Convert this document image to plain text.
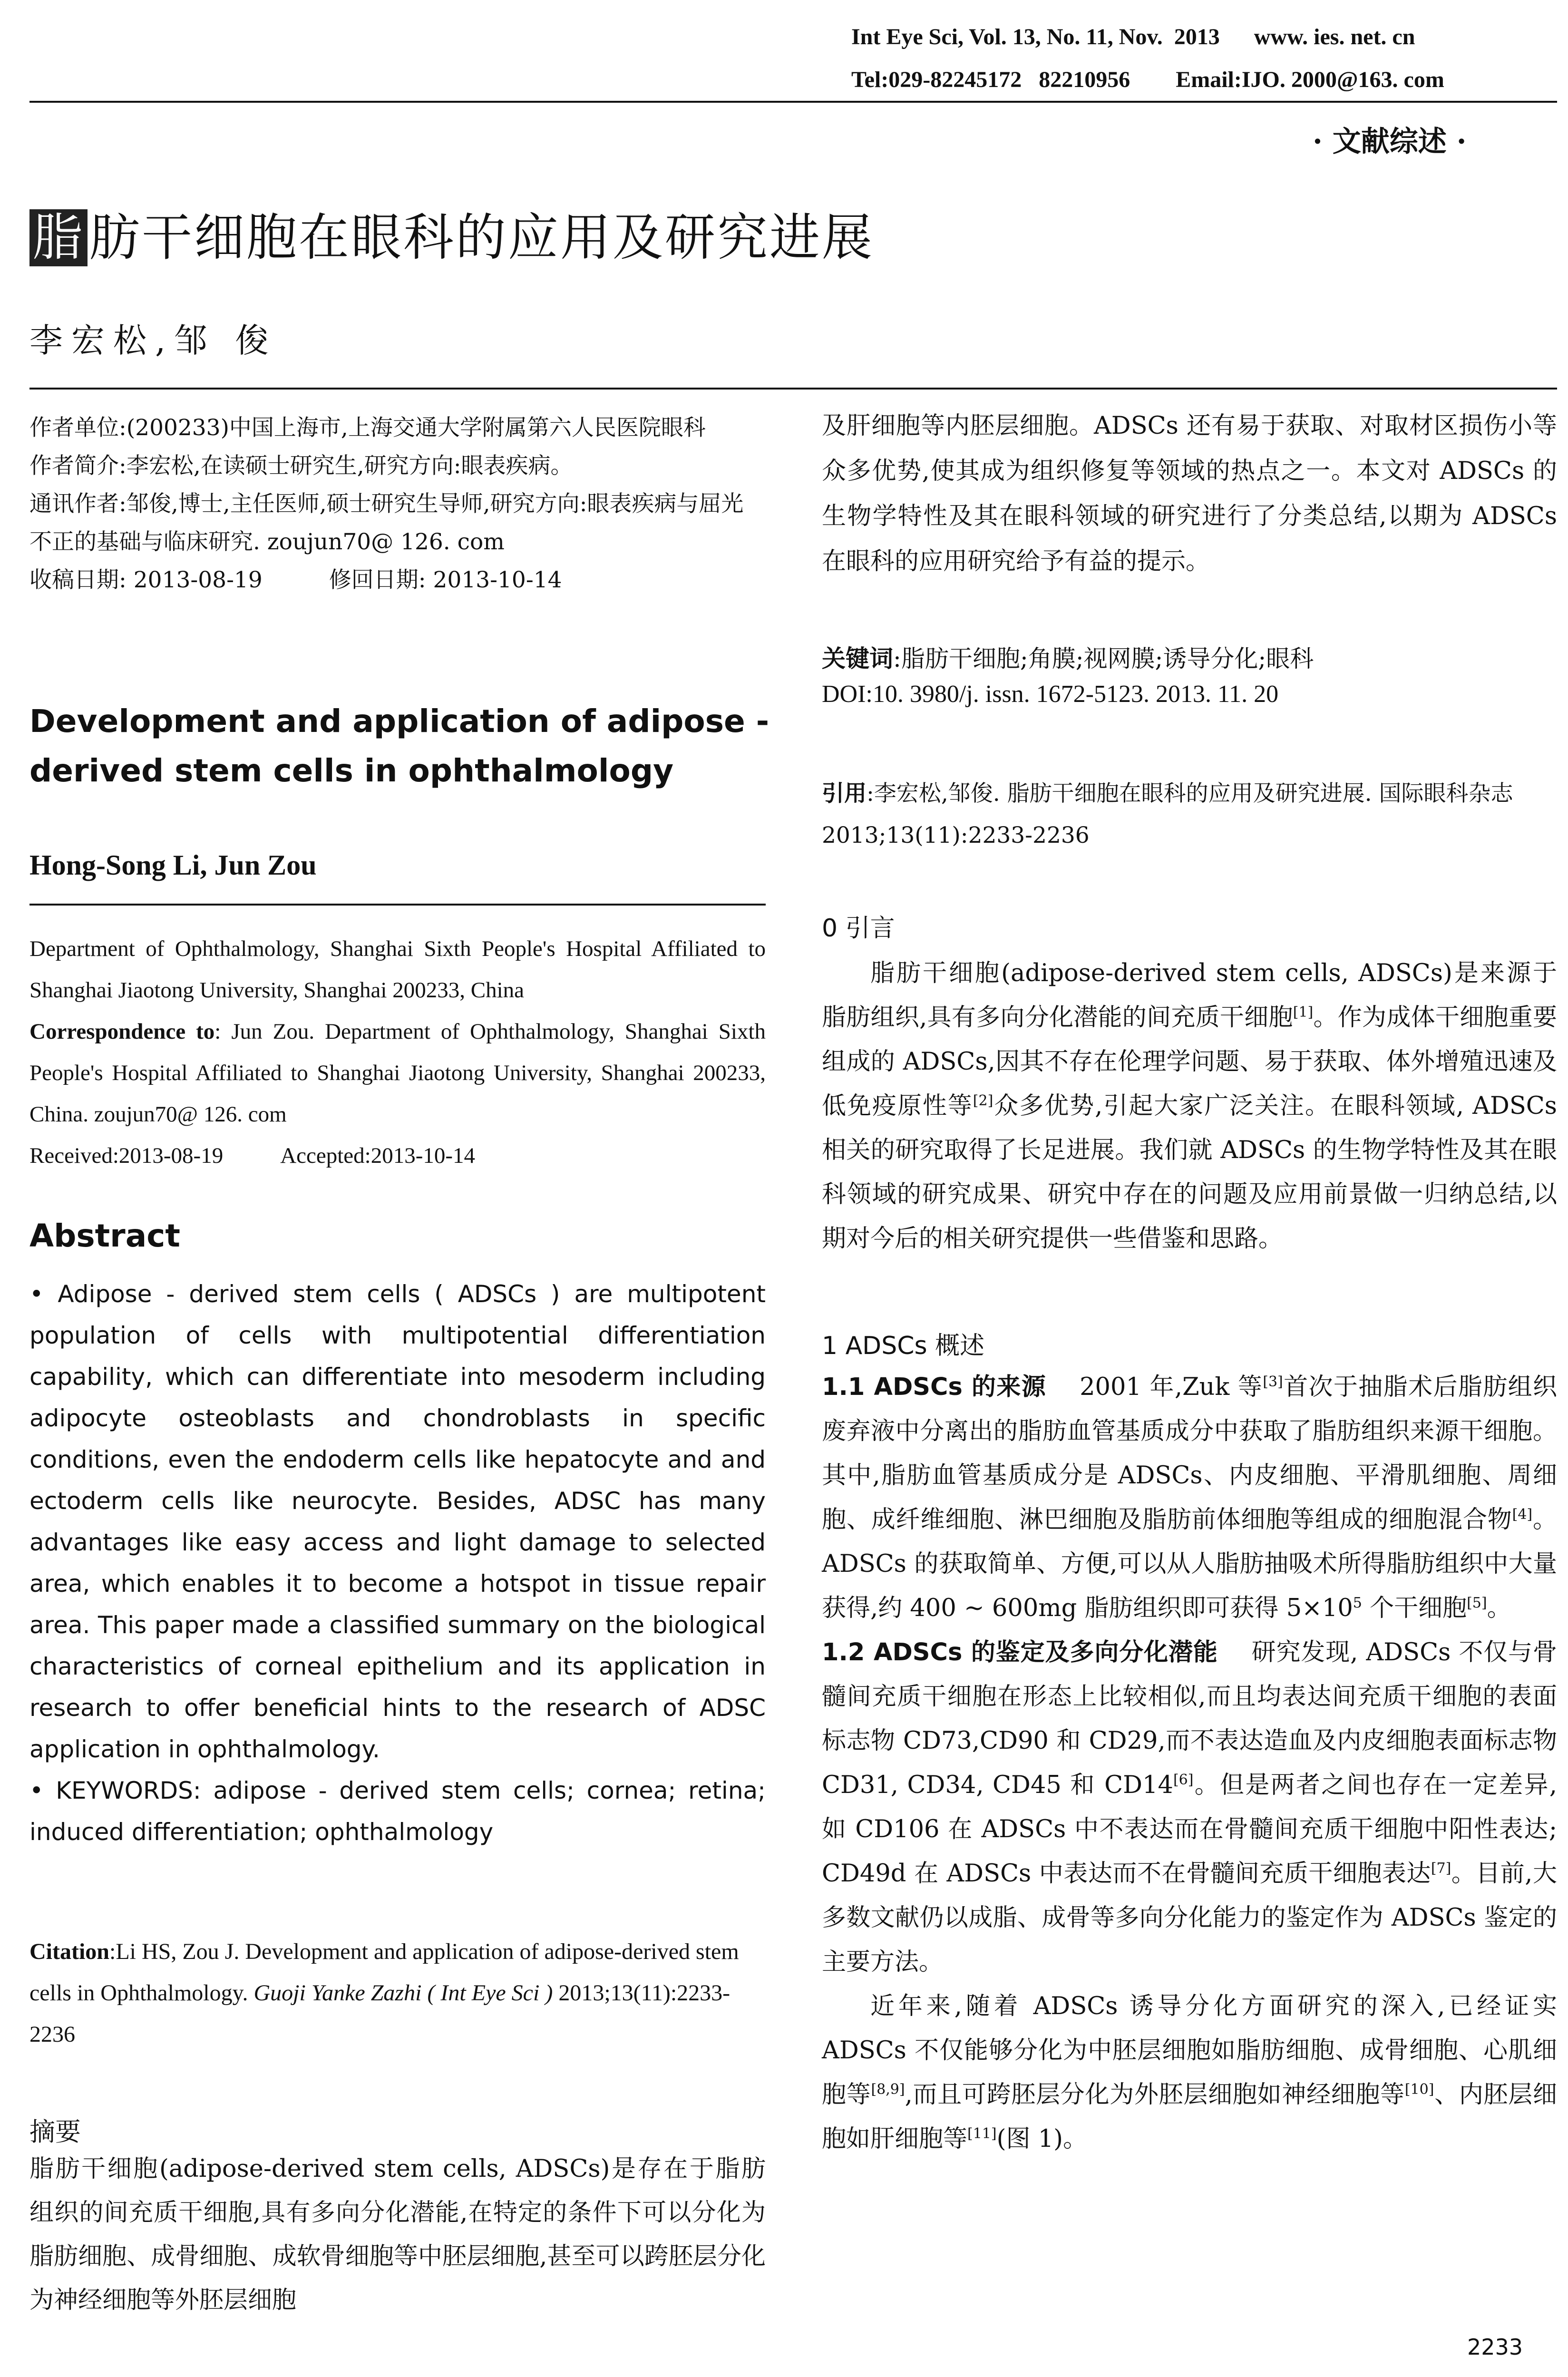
Int Eye Sci, Vol. 13, No. 11, Nov.  2013      www. ies. net. cn
Tel:029-82245172   82210956        Email:IJO. 2000@163. com
· 文献综述 ·
脂肪干细胞在眼科的应用及研究进展
李宏松,邹 俊

作者单位:(200233)中国上海市,上海交通大学附属第六人民医院眼科

作者简介:李宏松,在读硕士研究生,研究方向:眼表疾病。

通讯作者:邹俊,博士,主任医师,硕士研究生导师,研究方向:眼表疾病与屈光不正的基础与临床研究. zoujun70@ 126. com

收稿日期: 2013-08-19	修回日期: 2013-10-14

Development and application of adipose -
derived stem cells in ophthalmology
Hong-Song Li, Jun Zou

Department of Ophthalmology, Shanghai Sixth People's Hospital Affiliated to Shanghai Jiaotong University, Shanghai 200233, China

Correspondence to: Jun Zou. Department of Ophthalmology, Shanghai Sixth People's Hospital Affiliated to Shanghai Jiaotong University, Shanghai 200233, China. zoujun70@ 126. com

Received:2013-08-19	Accepted:2013-10-14

Abstract

• Adipose - derived stem cells ( ADSCs ) are multipotent population of cells with multipotential differentiation capability, which can differentiate into mesoderm including adipocyte osteoblasts and chondroblasts in specific conditions, even the endoderm cells like hepatocyte and and ectoderm cells like neurocyte. Besides, ADSC has many advantages like easy access and light damage to selected area, which enables it to become a hotspot in tissue repair area. This paper made a classified summary on the biological characteristics of corneal epithelium and its application in research to offer beneficial hints to the research of ADSC application in ophthalmology.

• KEYWORDS: adipose - derived stem cells; cornea; retina; induced differentiation; ophthalmology

Citation:Li HS, Zou J. Development and application of adipose-derived stem cells in Ophthalmology. Guoji Yanke Zazhi ( Int Eye Sci ) 2013;13(11):2233-2236
摘要

脂肪干细胞(adipose-derived stem cells, ADSCs)是存在于脂肪组织的间充质干细胞,具有多向分化潜能,在特定的条件下可以分化为脂肪细胞、成骨细胞、成软骨细胞等中胚层细胞,甚至可以跨胚层分化为神经细胞等外胚层细胞

及肝细胞等内胚层细胞。ADSCs 还有易于获取、对取材区损伤小等众多优势,使其成为组织修复等领域的热点之一。本文对 ADSCs 的生物学特性及其在眼科领域的研究进行了分类总结,以期为 ADSCs 在眼科的应用研究给予有益的提示。

关键词:脂肪干细胞;角膜;视网膜;诱导分化;眼科
DOI:10. 3980/j. issn. 1672-5123. 2013. 11. 20
引用:李宏松,邹俊. 脂肪干细胞在眼科的应用及研究进展. 国际眼科杂志 2013;13(11):2233-2236
0 引言

脂肪干细胞(adipose-derived stem cells, ADSCs)是来源于脂肪组织,具有多向分化潜能的间充质干细胞[1]。作为成体干细胞重要组成的 ADSCs,因其不存在伦理学问题、易于获取、体外增殖迅速及低免疫原性等[2]众多优势,引起大家广泛关注。在眼科领域, ADSCs 相关的研究取得了长足进展。我们就 ADSCs 的生物学特性及其在眼科领域的研究成果、研究中存在的问题及应用前景做一归纳总结,以期对今后的相关研究提供一些借鉴和思路。

1 ADSCs 概述

1.1 ADSCs 的来源 2001 年,Zuk 等[3]首次于抽脂术后脂肪组织废弃液中分离出的脂肪血管基质成分中获取了脂肪组织来源干细胞。其中,脂肪血管基质成分是 ADSCs、内皮细胞、平滑肌细胞、周细胞、成纤维细胞、淋巴细胞及脂肪前体细胞等组成的细胞混合物[4]。ADSCs 的获取简单、方便,可以从人脂肪抽吸术所得脂肪组织中大量获得,约 400 ~ 600mg 脂肪组织即可获得 $5\times 10^5$ 个干细胞[5]。

1.2 ADSCs 的鉴定及多向分化潜能 研究发现, ADSCs 不仅与骨髓间充质干细胞在形态上比较相似,而且均表达间充质干细胞的表面标志物 CD73,CD90 和 CD29,而不表达造血及内皮细胞表面标志物 CD31, CD34, CD45 和 CD14[6]。但是两者之间也存在一定差异,如 CD106 在 ADSCs 中不表达而在骨髓间充质干细胞中阳性表达; CD49d 在 ADSCs 中表达而不在骨髓间充质干细胞表达[7]。目前,大多数文献仍以成脂、成骨等多向分化能力的鉴定作为 ADSCs 鉴定的主要方法。

近年来,随着 ADSCs 诱导分化方面研究的深入,已经证实 ADSCs 不仅能够分化为中胚层细胞如脂肪细胞、成骨细胞、心肌细胞等[8,9],而且可跨胚层分化为外胚层细胞如神经细胞等[10]、内胚层细胞如肝细胞等[11](图 1)。

2233
